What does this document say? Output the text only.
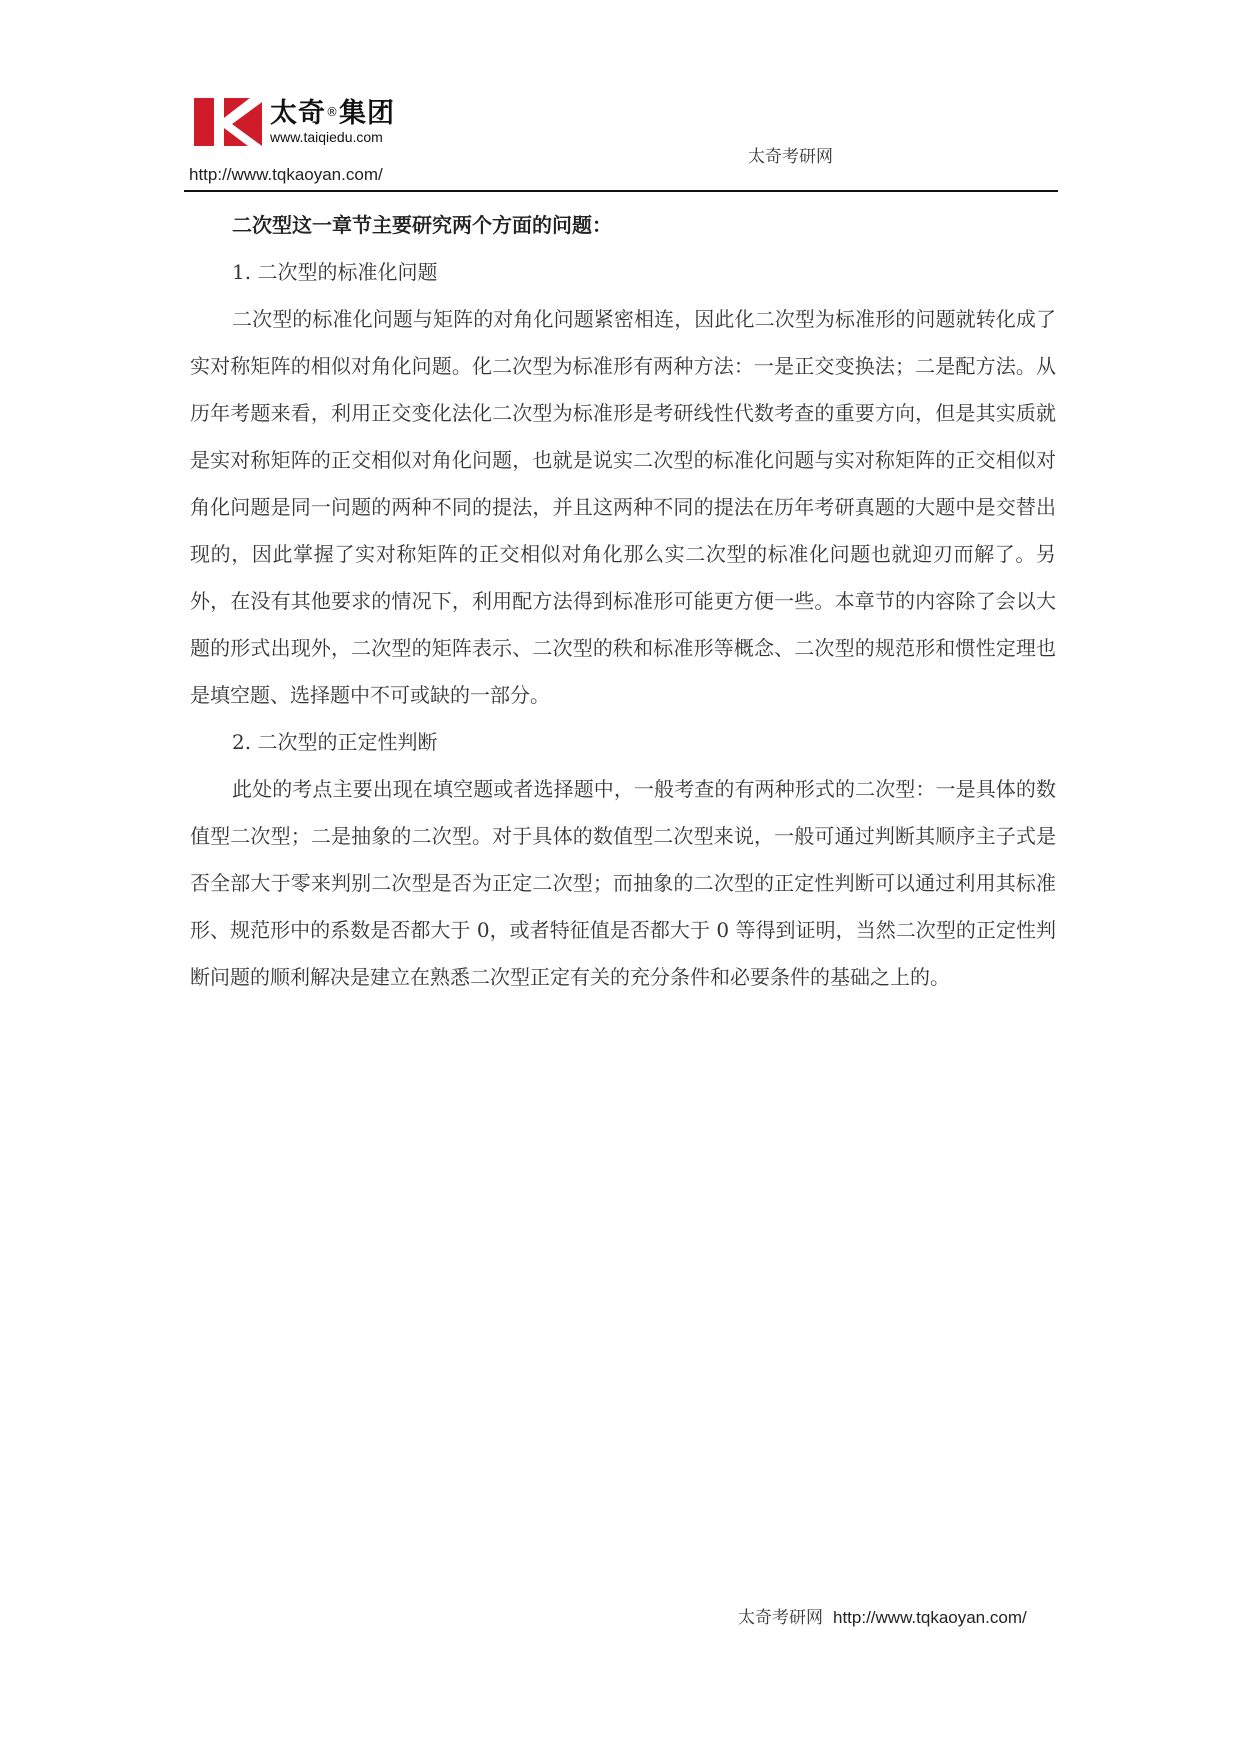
太奇®集团
www.taiqiedu.com
http://www.tqkaoyan.com/
太奇考研网

二次型这一章节主要研究两个方面的问题：

1. 二次型的标准化问题

二次型的标准化问题与矩阵的对角化问题紧密相连，因此化二次型为标准形的问题就转化成了实对称矩阵的相似对角化问题。化二次型为标准形有两种方法：一是正交变换法；二是配方法。从历年考题来看，利用正交变化法化二次型为标准形是考研线性代数考查的重要方向，但是其实质就是实对称矩阵的正交相似对角化问题，也就是说实二次型的标准化问题与实对称矩阵的正交相似对角化问题是同一问题的两种不同的提法，并且这两种不同的提法在历年考研真题的大题中是交替出现的，因此掌握了实对称矩阵的正交相似对角化那么实二次型的标准化问题也就迎刃而解了。另外，在没有其他要求的情况下，利用配方法得到标准形可能更方便一些。本章节的内容除了会以大题的形式出现外，二次型的矩阵表示、二次型的秩和标准形等概念、二次型的规范形和惯性定理也是填空题、选择题中不可或缺的一部分。

2. 二次型的正定性判断

此处的考点主要出现在填空题或者选择题中，一般考查的有两种形式的二次型：一是具体的数值型二次型；二是抽象的二次型。对于具体的数值型二次型来说，一般可通过判断其顺序主子式是否全部大于零来判别二次型是否为正定二次型；而抽象的二次型的正定性判断可以通过利用其标准形、规范形中的系数是否都大于 0，或者特征值是否都大于 0 等得到证明，当然二次型的正定性判断问题的顺利解决是建立在熟悉二次型正定有关的充分条件和必要条件的基础之上的。

太奇考研网 http://www.tqkaoyan.com/
